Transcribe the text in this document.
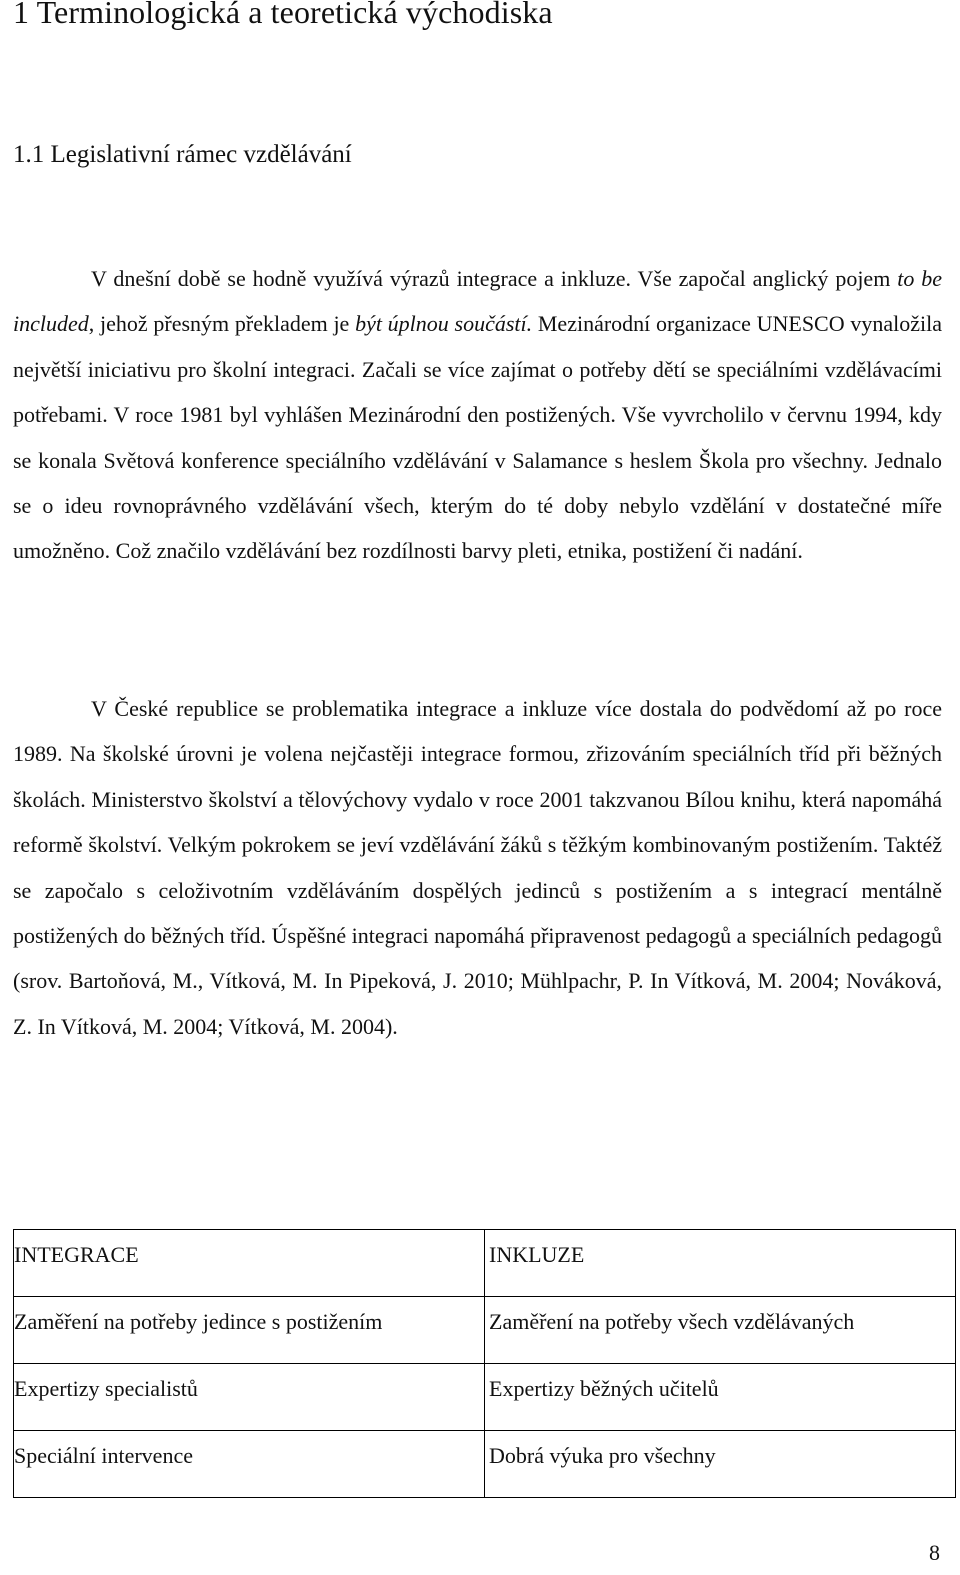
1 Terminologická a teoretická východiska
1.1 Legislativní rámec vzdělávání

V dnešní době se hodně využívá výrazů integrace a inkluze. Vše započal anglický pojem to be included, jehož přesným překladem je být úplnou součástí. Mezinárodní organizace UNESCO vynaložila největší iniciativu pro školní integraci. Začali se více zajímat o potřeby dětí se speciálními vzdělávacími potřebami. V roce 1981 byl vyhlášen Mezinárodní den postižených. Vše vyvrcholilo v červnu 1994, kdy se konala Světová konference speciálního vzdělávání v Salamance s heslem Škola pro všechny. Jednalo se o ideu rovnoprávného vzdělávání všech, kterým do té doby nebylo vzdělání v dostatečné míře umožněno. Což značilo vzdělávání bez rozdílnosti barvy pleti, etnika, postižení či nadání.

V České republice se problematika integrace a inkluze více dostala do podvědomí až po roce 1989. Na školské úrovni je volena nejčastěji integrace formou, zřizováním speciálních tříd při běžných školách. Ministerstvo školství a tělovýchovy vydalo v roce 2001 takzvanou Bílou knihu, která napomáhá reformě školství. Velkým pokrokem se jeví vzdělávání žáků s těžkým kombinovaným postižením. Taktéž se započalo s celoživotním vzděláváním dospělých jedinců s postižením a s integrací mentálně postižených do běžných tříd. Úspěšné integraci napomáhá připravenost pedagogů a speciálních pedagogů (srov. Bartoňová, M., Vítková, M. In Pipeková, J. 2010; Mühlpachr, P. In Vítková, M. 2004; Nováková, Z. In Vítková, M. 2004; Vítková, M. 2004).

INTEGRACE	INKLUZE

Zaměření na potřeby jedince s postižením	Zaměření na potřeby všech vzdělávaných

Expertizy specialistů	Expertizy běžných učitelů

Speciální intervence	Dobrá výuka pro všechny
8
